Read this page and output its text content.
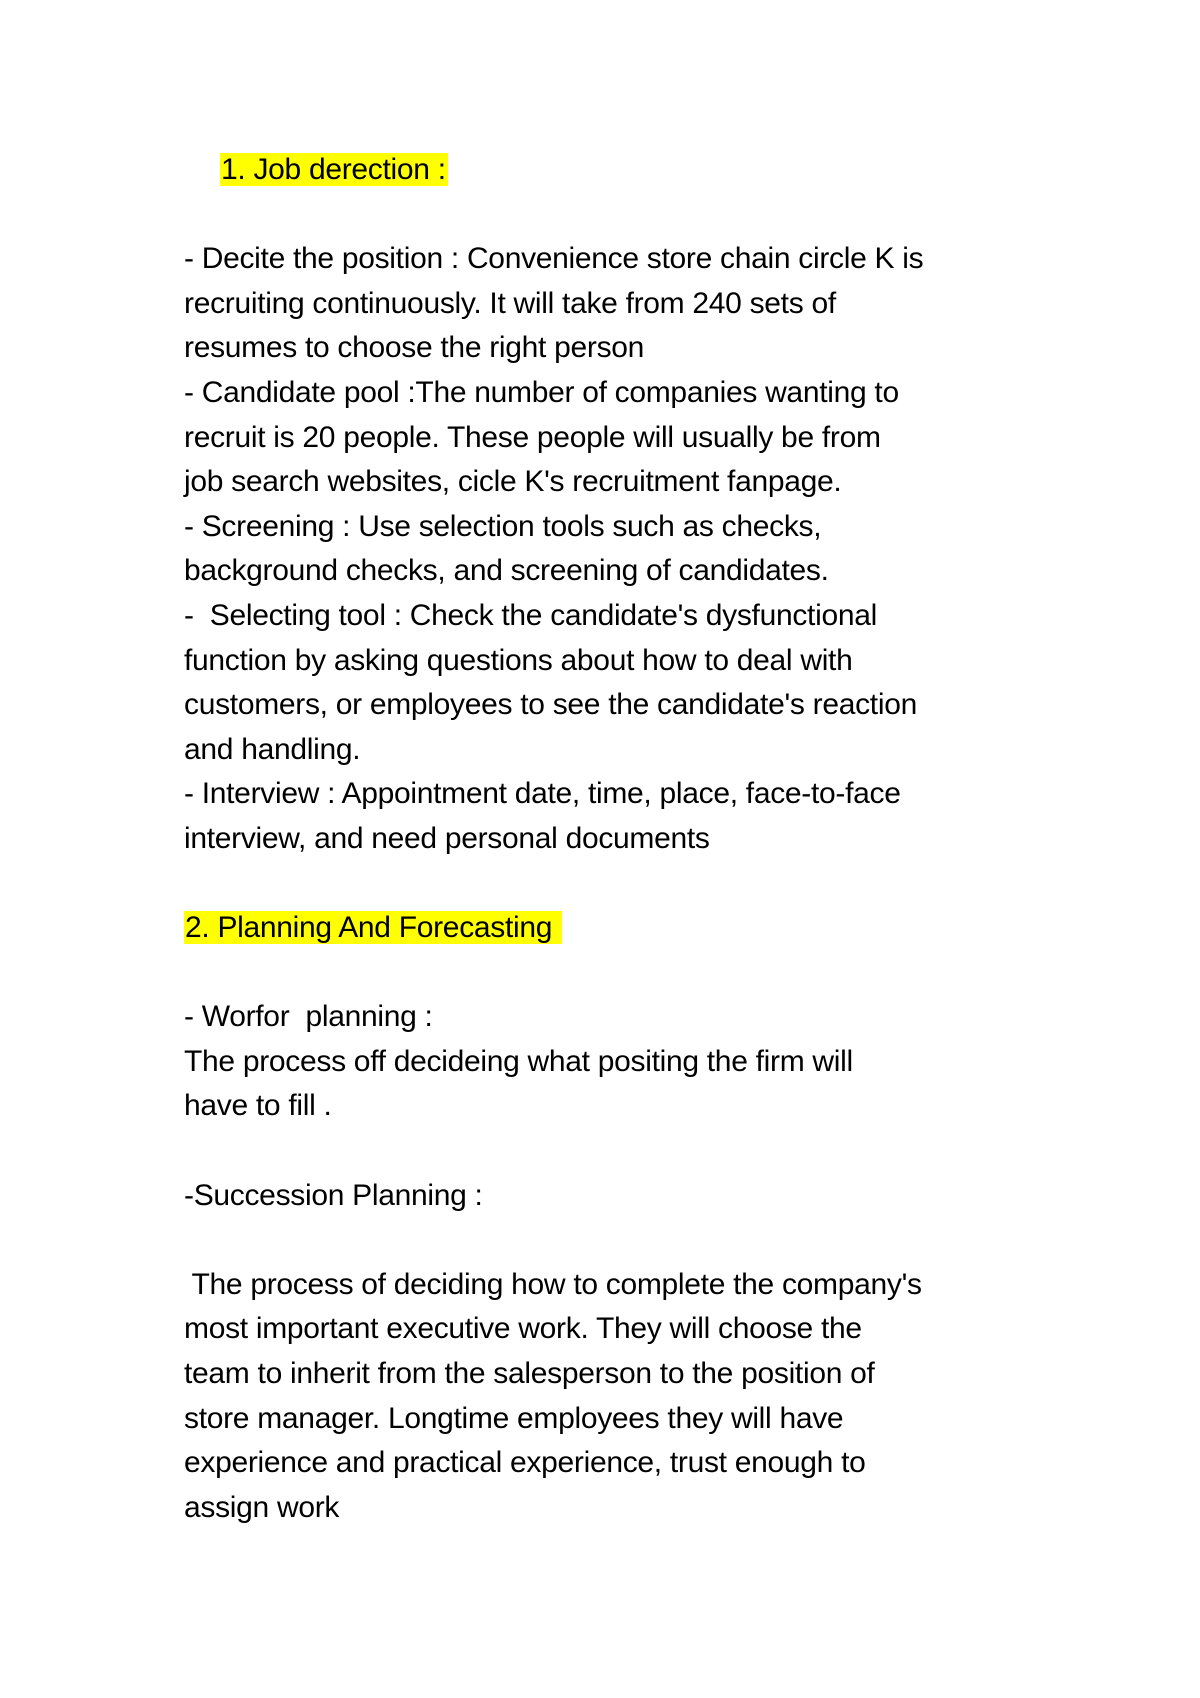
1. Job derection :
- Decite the position : Convenience store chain circle K is
recruiting continuously. It will take from 240 sets of
resumes to choose the right person
- Candidate pool :The number of companies wanting to
recruit is 20 people. These people will usually be from
job search websites, cicle K's recruitment fanpage.
- Screening : Use selection tools such as checks,
background checks, and screening of candidates.
-  Selecting tool : Check the candidate's dysfunctional
function by asking questions about how to deal with
customers, or employees to see the candidate's reaction
and handling.
- Interview : Appointment date, time, place, face-to-face
interview, and need personal documents
2. Planning And Forecasting
- Worfor  planning :
The process off decideing what positing the firm will
have to fill .
-Succession Planning :
The process of deciding how to complete the company's
most important executive work. They will choose the
team to inherit from the salesperson to the position of
store manager. Longtime employees they will have
experience and practical experience, trust enough to
assign work
